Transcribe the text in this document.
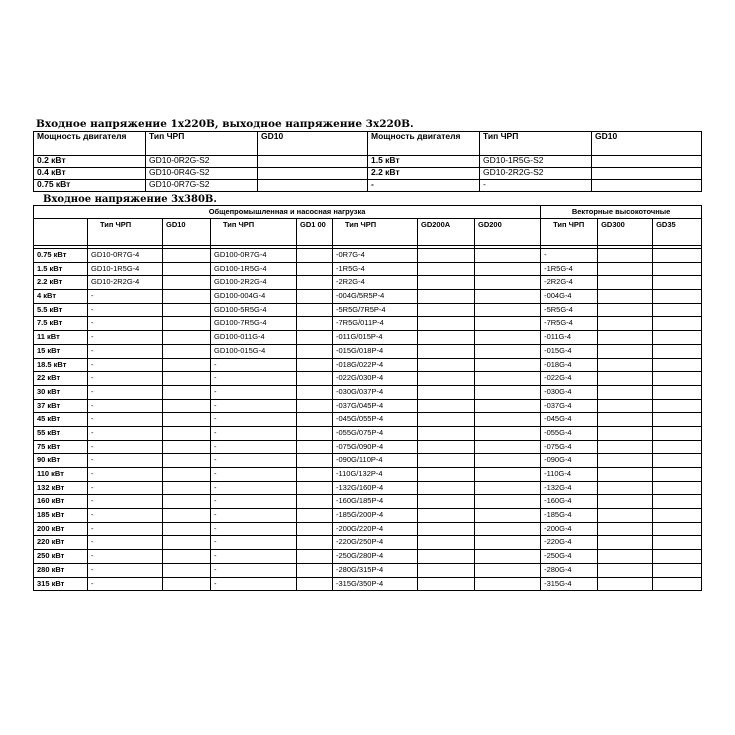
Входное напряжение 1х220В, выходное напряжение 3х220В.
Мощность двигателя	Тип ЧРП	GD10	Мощность двигателя	Тип ЧРП	GD10
0.2 кВт	GD10-0R2G-S2		1.5 кВт	GD10-1R5G-S2	
0.4 кВт	GD10-0R4G-S2		2.2 кВт	GD10-2R2G-S2	
0.75 кВт	GD10-0R7G-S2		-	-	
Входное напряжение 3х380В.
Общепромышленная и насосная нагрузка								Векторные высокоточные		
	Тип ЧРП	GD10	Тип ЧРП	GD1 00	Тип ЧРП	GD200A	GD200	Тип ЧРП	GD300	GD35

0.75 кВт	GD10-0R7G-4		GD100-0R7G-4		-0R7G-4			-		
1.5 кВт	GD10-1R5G-4		GD100-1R5G-4		-1R5G-4			-1R5G-4		
2.2 кВт	GD10-2R2G-4		GD100-2R2G-4		-2R2G-4			-2R2G-4		
4 кВт	-		GD100-004G-4		-004G/5R5P-4			-004G-4		
5.5 кВт	-		GD100-5R5G-4		-5R5G/7R5P-4			-5R5G-4		
7.5 кВт	-		GD100-7R5G-4		-7R5G/011P-4			-7R5G-4		
11 кВт	-		GD100-011G-4		-011G/015P-4			-011G-4		
15 кВт	-		GD100-015G-4		-015G/018P-4			-015G-4		
18.5 кВт	-		-		-018G/022P-4			-018G-4		
22 кВт	-		-		-022G/030P-4			-022G-4		
30 кВт	-		-		-030G/037P-4			-030G-4		
37 кВт	-		-		-037G/045P-4			-037G-4		
45 кВт	-		-		-045G/055P-4			-045G-4		
55 кВт	-		-		-055G/075P-4			-055G-4		
75 кВт	-		-		-075G/090P-4			-075G-4		
90 кВт	-		-		-090G/110P-4			-090G-4		
110 кВт	-		-		-110G/132P-4			-110G-4		
132 кВт	-		-		-132G/160P-4			-132G-4		
160 кВт	-		-		-160G/185P-4			-160G-4		
185 кВт	-		-		-185G/200P-4			-185G-4		
200 кВт	-		-		-200G/220P-4			-200G-4		
220 кВт	-		-		-220G/250P-4			-220G-4		
250 кВт	-		-		-250G/280P-4			-250G-4		
280 кВт	-		-		-280G/315P-4			-280G-4		
315 кВт	-		-		-315G/350P-4			-315G-4		
